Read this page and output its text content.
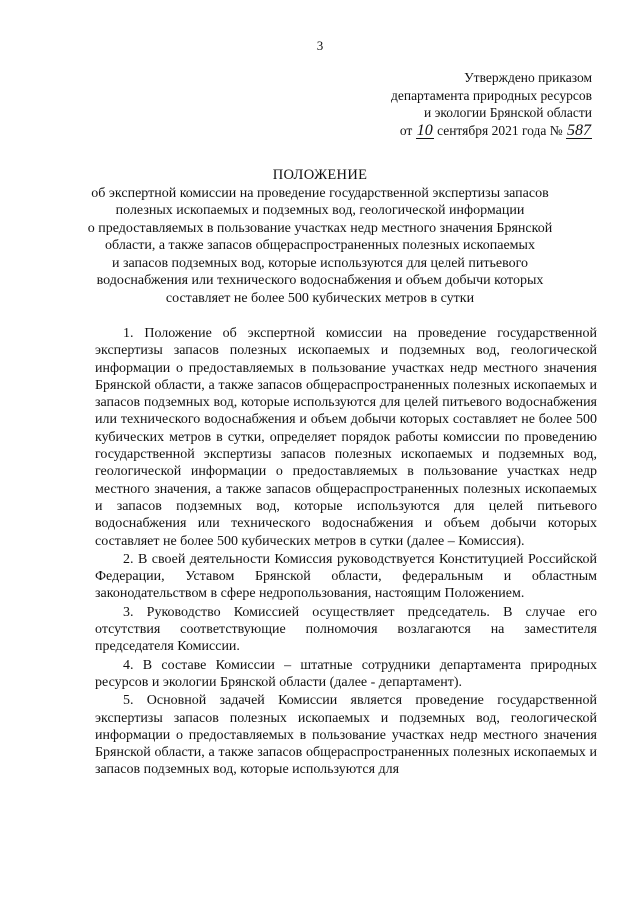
3
Утверждено приказом
департамента природных ресурсов
и экологии Брянской области
от 10 сентября 2021 года № 587
ПОЛОЖЕНИЕ
об экспертной комиссии на проведение государственной экспертизы запасов
полезных ископаемых и подземных вод, геологической информации
о предоставляемых в пользование участках недр местного значения Брянской
области, а также запасов общераспространенных полезных ископаемых
и запасов подземных вод, которые используются для целей питьевого
водоснабжения или технического водоснабжения и объем добычи которых
составляет не более 500 кубических метров в сутки

1. Положение об экспертной комиссии на проведение государственной экспертизы запасов полезных ископаемых и подземных вод, геологической информации о предоставляемых в пользование участках недр местного значения Брянской области, а также запасов общераспространенных полезных ископаемых и запасов подземных вод, которые используются для целей питьевого водоснабжения или технического водоснабжения и объем добычи которых составляет не более 500 кубических метров в сутки, определяет порядок работы комиссии по проведению государственной экспертизы запасов полезных ископаемых и подземных вод, геологической информации о предоставляемых в пользование участках недр местного значения, а также запасов общераспространенных полезных ископаемых и запасов подземных вод, которые используются для целей питьевого водоснабжения или технического водоснабжения и объем добычи которых составляет не более 500 кубических метров в сутки (далее – Комиссия).

2. В своей деятельности Комиссия руководствуется Конституцией Российской Федерации, Уставом Брянской области, федеральным и областным законодательством в сфере недропользования, настоящим Положением.

3. Руководство Комиссией осуществляет председатель. В случае его отсутствия соответствующие полномочия возлагаются на заместителя председателя Комиссии.

4. В составе Комиссии – штатные сотрудники департамента природных ресурсов и экологии Брянской области (далее - департамент).

5. Основной задачей Комиссии является проведение государственной экспертизы запасов полезных ископаемых и подземных вод, геологической информации о предоставляемых в пользование участках недр местного значения Брянской области, а также запасов общераспространенных полезных ископаемых и запасов подземных вод, которые используются для
